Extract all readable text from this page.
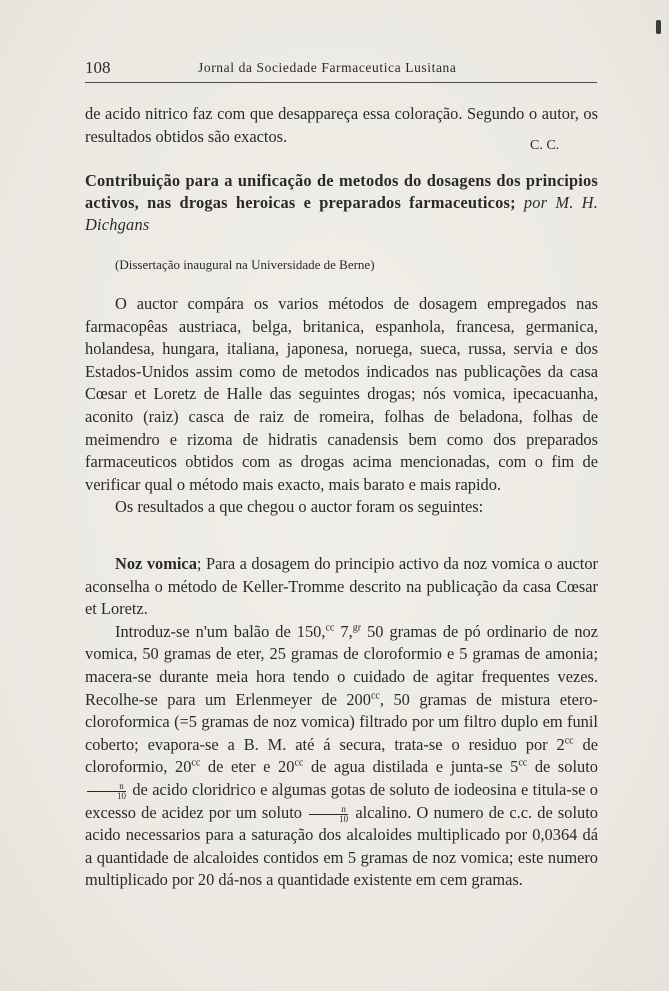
108	Jornal da Sociedade Farmaceutica Lusitana

de acido nitrico faz com que desappareça essa coloração. Segundo o autor, os resultados obtidos são exactos.	C. C.

Contribuição para a unificação de metodos do dosagens dos principios activos, nas drogas heroicas e preparados farmaceuticos; por M. H. Dichgans

(Dissertação inaugural na Universidade de Berne)

O auctor compára os varios métodos de dosagem empregados nas farmacopêas austriaca, belga, britanica, espanhola, francesa, germanica, holandesa, hungara, italiana, japonesa, noruega, sueca, russa, servia e dos Estados-Unidos assim como de metodos indicados nas publicações da casa Cœsar et Loretz de Halle das seguintes drogas; nós vomica, ipecacuanha, aconito (raiz) casca de raiz de romeira, folhas de beladona, folhas de meimendro e rizoma de hidratis canadensis bem como dos preparados farmaceuticos obtidos com as drogas acima mencionadas, com o fim de verificar qual o método mais exacto, mais barato e mais rapido.

Os resultados a que chegou o auctor foram os seguintes:

Noz vomica; Para a dosagem do principio activo da noz vomica o auctor aconselha o método de Keller-Tromme descrito na publicação da casa Cœsar et Loretz.

Introduz-se n'um balão de 150,$^{cc}$ 7,$^{gr}$ 50 gramas de pó ordinario de noz vomica, 50 gramas de eter, 25 gramas de cloroformio e 5 gramas de amonia; macera-se durante meia hora tendo o cuidado de agitar frequentes vezes. Recolhe-se para um Erlenmeyer de $200^{cc}$, 50 gramas de mistura etero-cloroformica (=5 gramas de noz vomica) filtrado por um filtro duplo em funil coberto; evapora-se a B. M. até á secura, trata-se o residuo por $2^{cc}$ de cloroformio, $20^{cc}$ de eter e $20^{cc}$ de agua distilada e junta-se $5^{cc}$ de soluto
$\frac{n}{10}$ de acido cloridrico e algumas gotas de soluto de iodeosina e titula-se o excesso de acidez por um soluto $\frac{n}{10}$ alcalino. O numero de c.c. de soluto acido necessarios para a saturação dos alcaloides multiplicado por 0,0364 dá a quantidade de alcaloides contidos em 5 gramas de noz vomica; este numero multiplicado por 20 dá-nos a quantidade existente em cem gramas.
